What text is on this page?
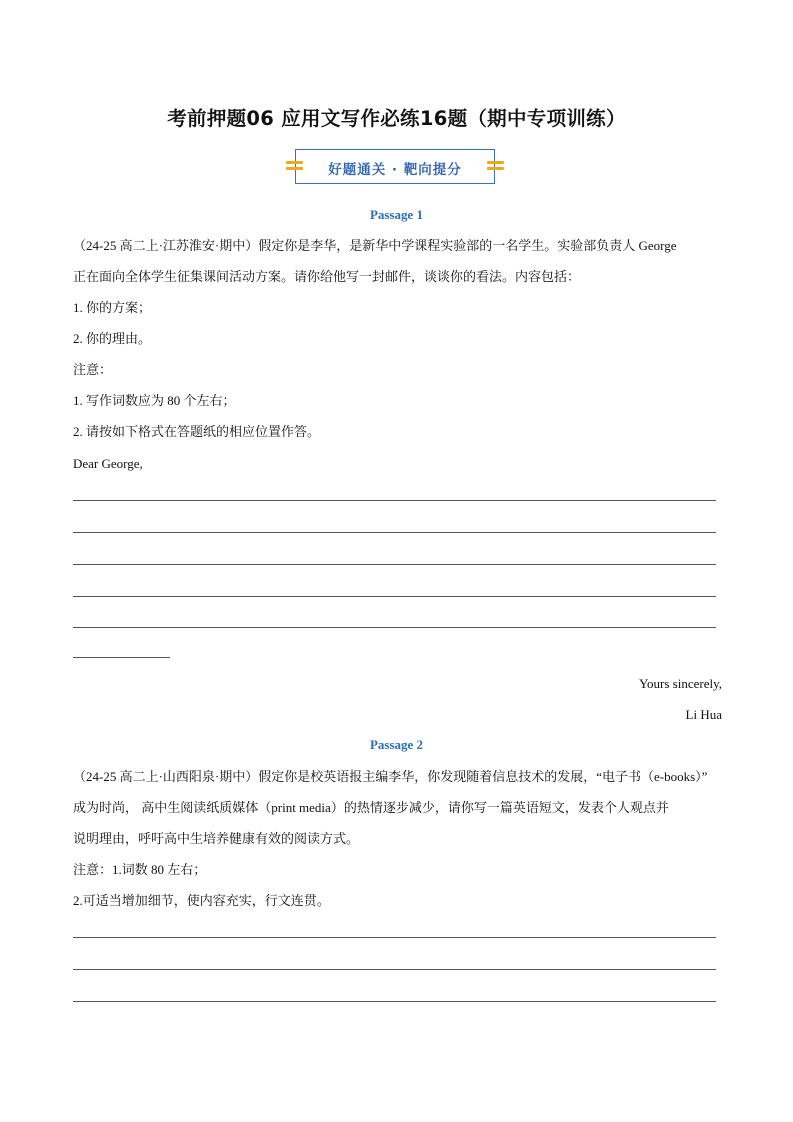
考前押题06 应用文写作必练16题（期中专项训练）
好题通关 · 靶向提分
Passage 1
（24-25 高二上·江苏淮安·期中）假定你是李华，是新华中学课程实验部的一名学生。实验部负责人 George
正在面向全体学生征集课间活动方案。请你给他写一封邮件，谈谈你的看法。内容包括：
1. 你的方案；
2. 你的理由。
注意：
1. 写作词数应为 80 个左右；
2. 请按如下格式在答题纸的相应位置作答。
Dear George,
Yours sincerely,
Li Hua
Passage 2
（24-25 高二上·山西阳泉·期中）假定你是校英语报主编李华，你发现随着信息技术的发展，“电子书（e-books）”
成为时尚， 高中生阅读纸质媒体（print media）的热情逐步减少，请你写一篇英语短文，发表个人观点并
说明理由，呼吁高中生培养健康有效的阅读方式。
注意：1.词数 80 左右；
2.可适当增加细节，使内容充实，行文连贯。
